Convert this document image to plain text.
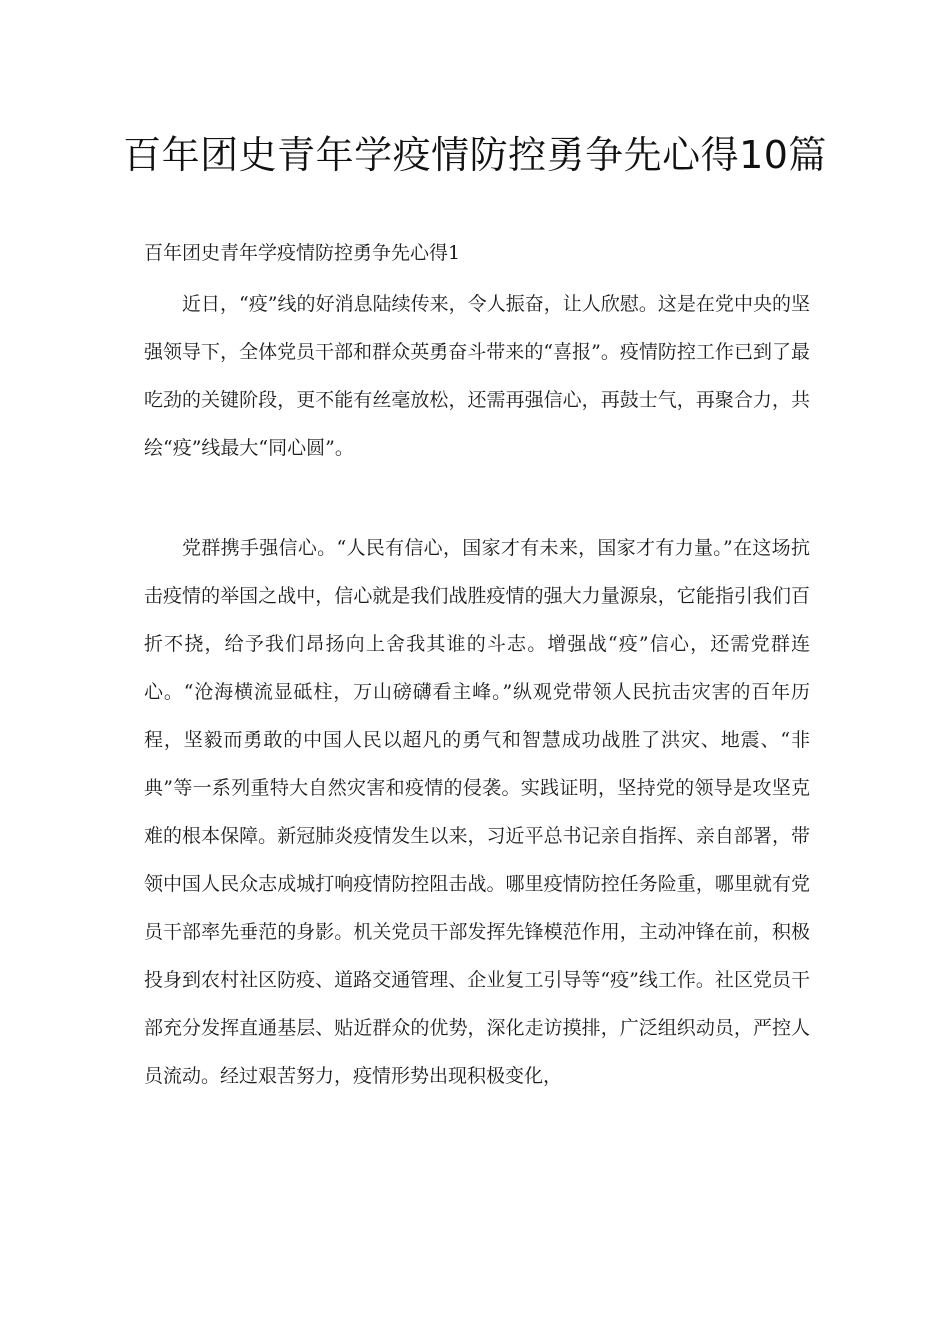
百年团史青年学疫情防控勇争先心得10篇
百年团史青年学疫情防控勇争先心得1

近日，“疫”线的好消息陆续传来，令人振奋，让人欣慰。这是在党中央的坚强领导下，全体党员干部和群众英勇奋斗带来的“喜报”。疫情防控工作已到了最吃劲的关键阶段，更不能有丝毫放松，还需再强信心，再鼓士气，再聚合力，共绘“疫”线最大“同心圆”。

党群携手强信心。“人民有信心，国家才有未来，国家才有力量。”在这场抗击疫情的举国之战中，信心就是我们战胜疫情的强大力量源泉，它能指引我们百折不挠，给予我们昂扬向上舍我其谁的斗志。增强战“疫”信心，还需党群连心。“沧海横流显砥柱，万山磅礴看主峰。”纵观党带领人民抗击灾害的百年历程，坚毅而勇敢的中国人民以超凡的勇气和智慧成功战胜了洪灾、地震、“非典”等一系列重特大自然灾害和疫情的侵袭。实践证明，坚持党的领导是攻坚克难的根本保障。新冠肺炎疫情发生以来，习近平总书记亲自指挥、亲自部署，带领中国人民众志成城打响疫情防控阻击战。哪里疫情防控任务险重，哪里就有党员干部率先垂范的身影。机关党员干部发挥先锋模范作用，主动冲锋在前，积极投身到农村社区防疫、道路交通管理、企业复工引导等“疫”线工作。社区党员干部充分发挥直通基层、贴近群众的优势，深化走访摸排，广泛组织动员，严控人员流动。经过艰苦努力，疫情形势出现积极变化，
